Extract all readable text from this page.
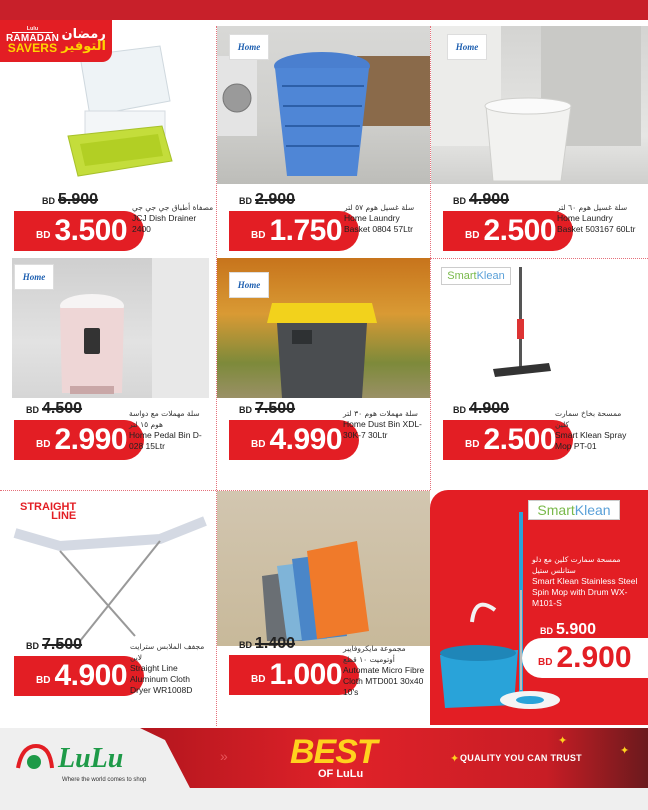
Lulu
RAMADAN
SAVERS
رمضان
التوفير
BD 5.900
BD 3.500
مصفاة أطباق جي جي جي
JCJ Dish Drainer 2400
Home
BD 2.900
BD 1.750
سلة غسيل هوم ٥٧ لتر
Home Laundry Basket 0804 57Ltr
Home
BD 4.900
BD 2.500
سلة غسيل هوم ٦٠ لتر
Home Laundry Basket 503167 60Ltr
Home
BD 4.500
BD 2.990
سلة مهملات مع دواسة هوم ١٥ لتر
Home Pedal Bin D-028 15Ltr
Home
BD 7.500
BD 4.990
سلة مهملات هوم ٣٠ لتر
Home Dust Bin XDL-30K-7 30Ltr
Smart Klean
BD 4.900
BD 2.500
ممسحة بخاخ سمارت كلين
Smart Klean Spray Mop PT-01
STRAIGHT
LINE
BD 7.500
BD 4.900
مجفف الملابس سترايت لاين
Straight Line Aluminum Cloth Dryer WR1008D
BD 1.400
BD 1.000
مجموعة مايكروفايبر أوتوميت ١٠ قطع
Automate Micro Fibre Cloth MTD001 30x40 10's
Smart Klean
ممسحة سمارت كلين مع دلو ستانلس ستيل
Smart Klean Stainless Steel Spin Mop with Drum WX-M101-S
BD 5.900
BD 2.900
LuLu
Where the world comes to shop
BEST
OF LuLu
✦ QUALITY YOU CAN TRUST
✦
✦
»
